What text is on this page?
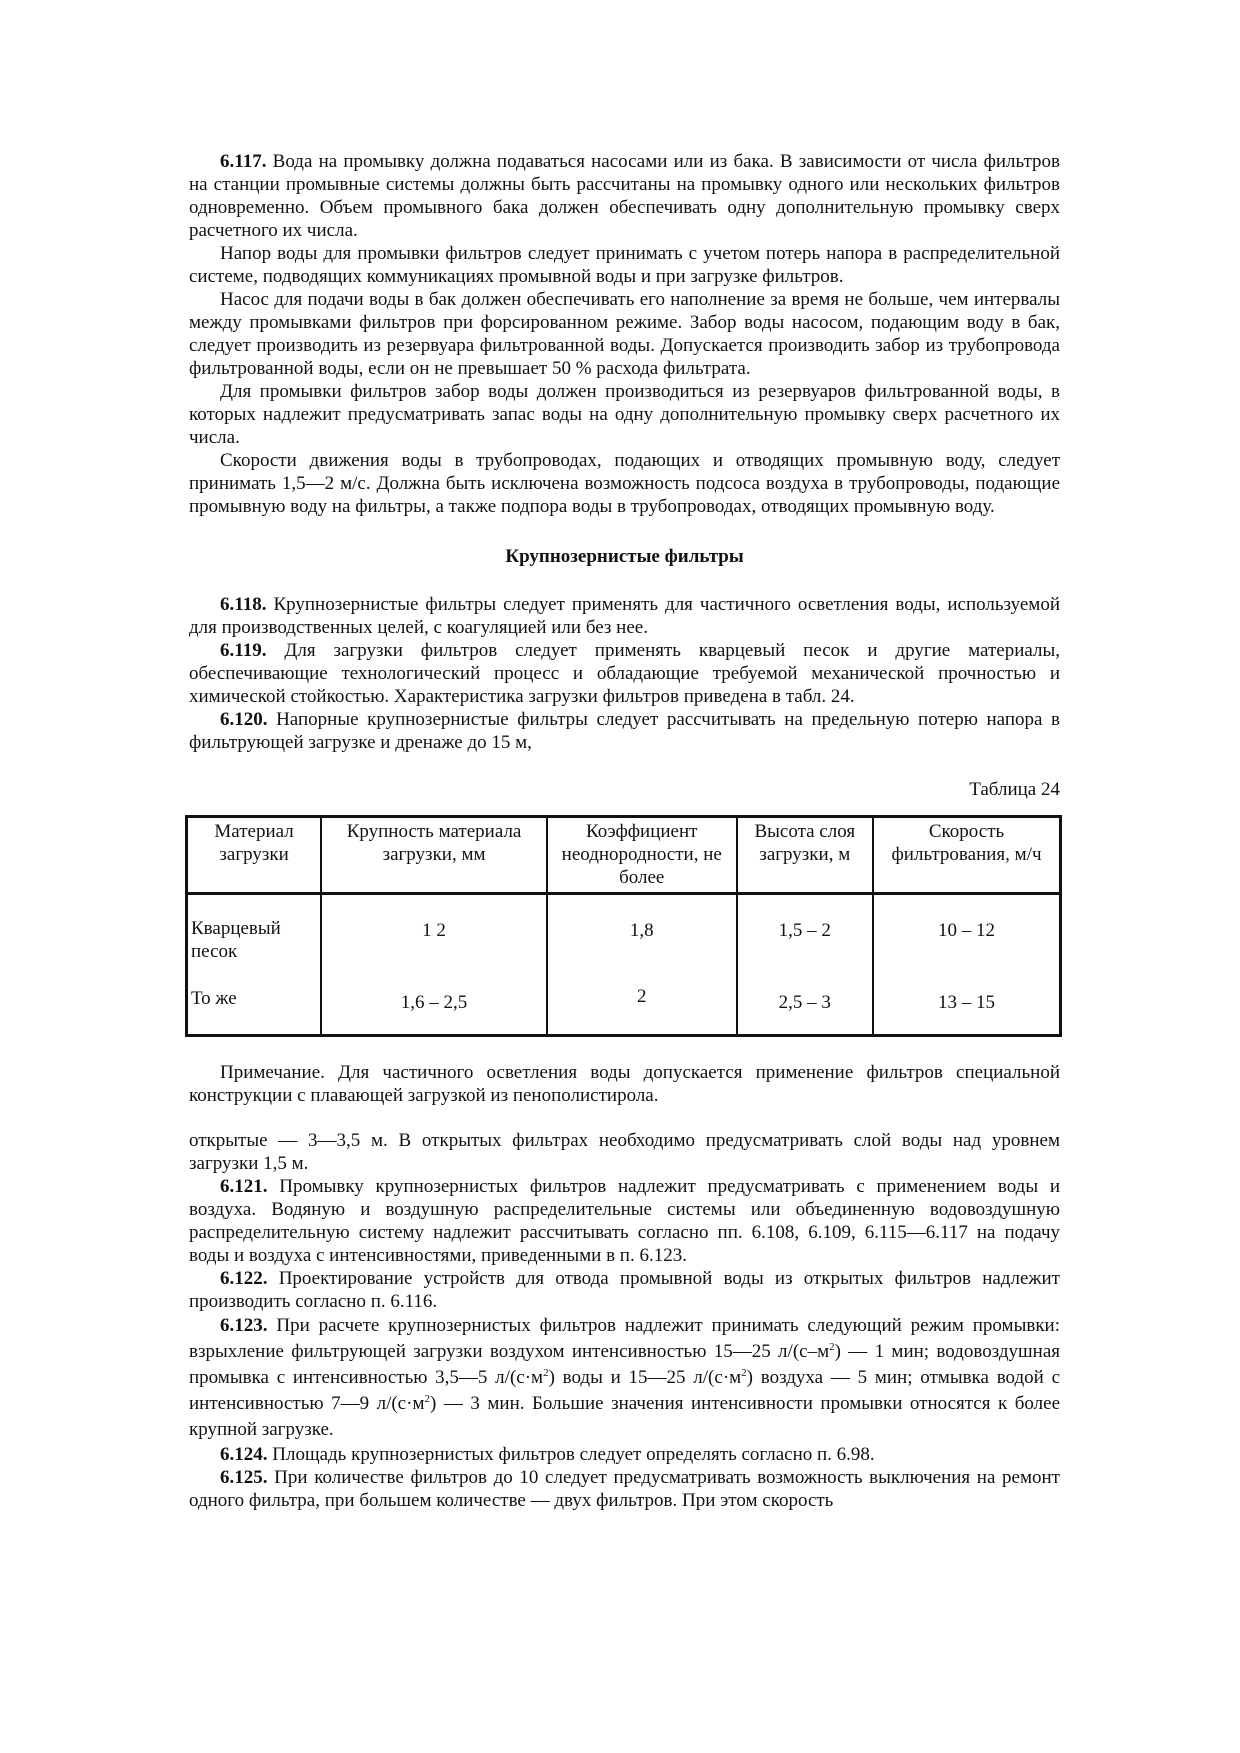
6.117. Вода на промывку должна подаваться насосами или из бака. В зависимости от числа фильтров на станции промывные системы должны быть рассчитаны на промывку одного или нескольких фильтров одновременно. Объем промывного бака должен обеспечивать одну дополнительную промывку сверх расчетного их числа.

Напор воды для промывки фильтров следует принимать с учетом потерь напора в распределительной системе, подводящих коммуникациях промывной воды и при загрузке фильтров.

Насос для подачи воды в бак должен обеспечивать его наполнение за время не больше, чем интервалы между промывками фильтров при форсированном режиме. Забор воды насосом, подающим воду в бак, следует производить из резервуара фильтрованной воды. Допускается производить забор из трубопровода фильтрованной воды, если он не превышает 50 % расхода фильтрата.

Для промывки фильтров забор воды должен производиться из резервуаров фильтрованной воды, в которых надлежит предусматривать запас воды на одну дополнительную промывку сверх расчетного их числа.

Скорости движения воды в трубопроводах, подающих и отводящих промывную воду, следует принимать 1,5—2 м/с. Должна быть исключена возможность подсоса воздуха в трубопроводы, подающие промывную воду на фильтры, а также подпора воды в трубопроводах, отводящих промывную воду.

Крупнозернистые фильтры

6.118. Крупнозернистые фильтры следует применять для частичного осветления воды, используемой для производственных целей, с коагуляцией или без нее.

6.119. Для загрузки фильтров следует применять кварцевый песок и другие материалы, обеспечивающие технологический процесс и обладающие требуемой механической прочностью и химической стойкостью. Характеристика загрузки фильтров приведена в табл. 24.

6.120. Напорные крупнозернистые фильтры следует рассчитывать на предельную потерю напора в фильтрующей загрузке и дренаже до 15 м,

Таблица 24
Материал загрузки	Крупность материала загрузки, мм	Коэффициент неоднородности, не более	Высота слоя загрузки, м	Скорость фильтрования, м/ч
Кварцевый песок	1 2	1,8	1,5 – 2	10 – 12
То же	1,6 – 2,5	2	2,5 – 3	13 – 15

Примечание. Для частичного осветления воды допускается применение фильтров специальной конструкции с плавающей загрузкой из пенополистирола.

открытые — 3—3,5 м. В открытых фильтрах необходимо предусматривать слой воды над уровнем загрузки 1,5 м.

6.121. Промывку крупнозернистых фильтров надлежит предусматривать с применением воды и воздуха. Водяную и воздушную распределительные системы или объединенную водовоздушную распределительную систему надлежит рассчитывать согласно пп. 6.108, 6.109, 6.115—6.117 на подачу воды и воздуха с интенсивностями, приведенными в п. 6.123.

6.122. Проектирование устройств для отвода промывной воды из открытых фильтров надлежит производить согласно п. 6.116.

6.123. При расчете крупнозернистых фильтров надлежит принимать следующий режим промывки: взрыхление фильтрующей загрузки воздухом интенсивностью 15—25 $л/(с-м^2)$ — 1 мин; водовоздушная промывка с интенсивностью 3,5—5 $л/(с\cdot м^2)$ воды и 15—25 $л/(с\cdot м^2)$ воздуха — 5 мин; отмывка водой с интенсивностью 7—9 $л/(с\cdot м^2)$ — 3 мин. Большие значения интенсивности промывки относятся к более крупной загрузке.

6.124. Площадь крупнозернистых фильтров следует определять согласно п. 6.98.

6.125. При количестве фильтров до 10 следует предусматривать возможность выключения на ремонт одного фильтра, при большем количестве — двух фильтров. При этом скорость
